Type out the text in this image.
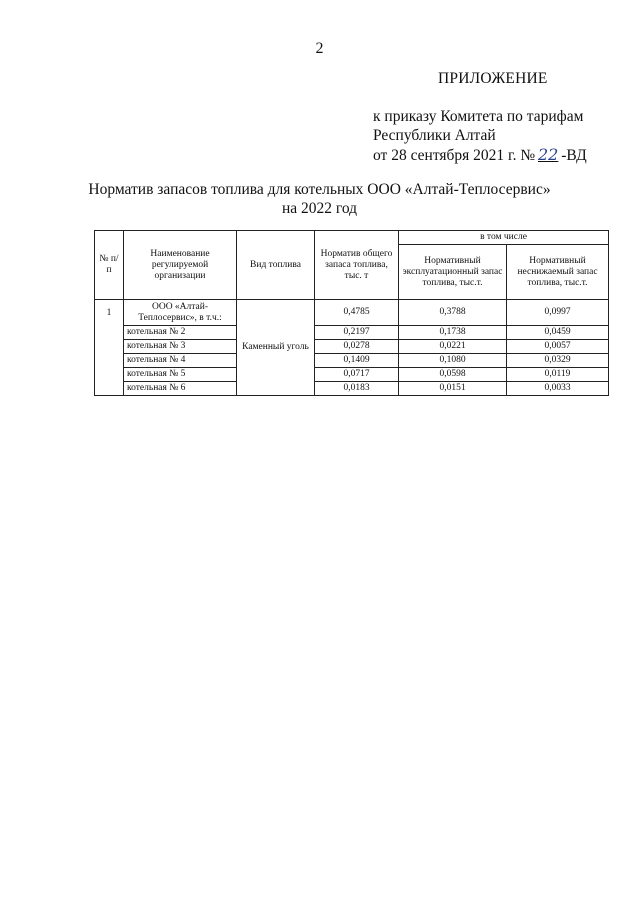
2
ПРИЛОЖЕНИЕ
к приказу Комитета по тарифам
Республики Алтай
от 28 сентября 2021 г. № 22 -ВД
Норматив запасов топлива для котельных ООО «Алтай-Теплосервис»
на 2022 год
№ п/п	Наименование регулируемой организации	Вид топлива	Норматив общего запаса топлива, тыс. т	в том числе	
				Нормативный эксплуатационный запас топлива, тыс.т.	Нормативный неснижаемый запас топлива, тыс.т.
1	ООО «Алтай-Теплосервис», в т.ч.:	Каменный уголь	0,4785	0,3788	0,0997
	котельная № 2		0,2197	0,1738	0,0459
	котельная № 3		0,0278	0,0221	0,0057
	котельная № 4		0,1409	0,1080	0,0329
	котельная № 5		0,0717	0,0598	0,0119
	котельная № 6		0,0183	0,0151	0,0033
